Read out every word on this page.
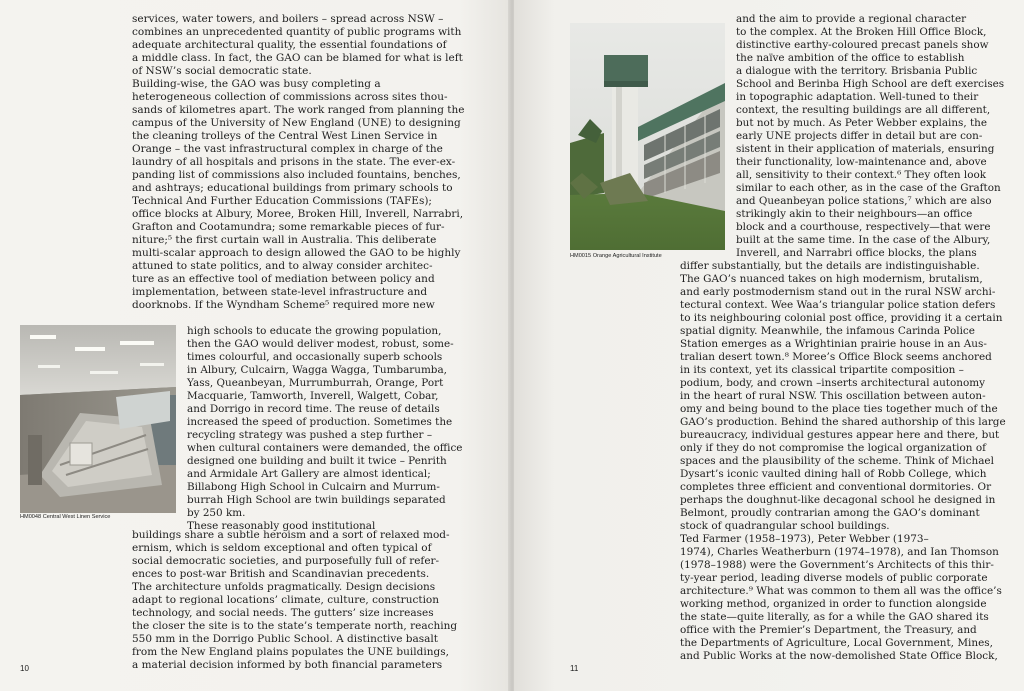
services, water towers, and boilers – spread across NSW –
combines an unprecedented quantity of public programs with
adequate architectural quality, the essential foundations of
a middle class. In fact, the GAO can be blamed for what is left
of NSW’s social democratic state.
Building-wise, the GAO was busy completing a
heterogeneous collection of commissions across sites thou-
sands of kilometres apart. The work ranged from planning the
campus of the University of New England (UNE) to designing
the cleaning trolleys of the Central West Linen Service in
Orange – the vast infrastructural complex in charge of the
laundry of all hospitals and prisons in the state. The ever-ex-
panding list of commissions also included fountains, benches,
and ashtrays; educational buildings from primary schools to
Technical And Further Education Commissions (TAFEs);
office blocks at Albury, Moree, Broken Hill, Inverell, Narrabri,
Grafton and Cootamundra; some remarkable pieces of fur-
niture;⁵ the first curtain wall in Australia. This deliberate
multi-scalar approach to design allowed the GAO to be highly
attuned to state politics, and to alway consider architec-
ture as an effective tool of mediation between policy and
implementation, between state-level infrastructure and
doorknobs. If the Wyndham Scheme⁵ required more new
HM0048 Central West Linen Service
high schools to educate the growing population,
then the GAO would deliver modest, robust, some-
times colourful, and occasionally superb schools
in Albury, Culcairn, Wagga Wagga, Tumbarumba,
Yass, Queanbeyan, Murrumburrah, Orange, Port
Macquarie, Tamworth, Inverell, Walgett, Cobar,
and Dorrigo in record time. The reuse of details
increased the speed of production. Sometimes the
recycling strategy was pushed a step further –
when cultural containers were demanded, the office
designed one building and built it twice – Penrith
and Armidale Art Gallery are almost identical;
Billabong High School in Culcairn and Murrum-
burrah High School are twin buildings separated
by 250 km.
These reasonably good institutional
buildings share a subtle heroism and a sort of relaxed mod-
ernism, which is seldom exceptional and often typical of
social democratic societies, and purposefully full of refer-
ences to post-war British and Scandinavian precedents.
The architecture unfolds pragmatically. Design decisions
adapt to regional locations’ climate, culture, construction
technology, and social needs. The gutters’ size increases
the closer the site is to the state’s temperate north, reaching
550 mm in the Dorrigo Public School. A distinctive basalt
from the New England plains populates the UNE buildings,
a material decision informed by both financial parameters
10
HM0015 Orange Agricultural Institute
and the aim to provide a regional character
to the complex. At the Broken Hill Office Block,
distinctive earthy-coloured precast panels show
the naïve ambition of the office to establish
a dialogue with the territory. Brisbania Public
School and Berinba High School are deft exercises
in topographic adaptation. Well-tuned to their
context, the resulting buildings are all different,
but not by much. As Peter Webber explains, the
early UNE projects differ in detail but are con-
sistent in their application of materials, ensuring
their functionality, low-maintenance and, above
all, sensitivity to their context.⁶ They often look
similar to each other, as in the case of the Grafton
and Queanbeyan police stations,⁷ which are also
strikingly akin to their neighbours—an office
block and a courthouse, respectively—that were
built at the same time. In the case of the Albury,
Inverell, and Narrabri office blocks, the plans
differ substantially, but the details are indistinguishable.
The GAO’s nuanced takes on high modernism, brutalism,
and early postmodernism stand out in the rural NSW archi-
tectural context. Wee Waa’s triangular police station defers
to its neighbouring colonial post office, providing it a certain
spatial dignity. Meanwhile, the infamous Carinda Police
Station emerges as a Wrightinian prairie house in an Aus-
tralian desert town.⁸ Moree’s Office Block seems anchored
in its context, yet its classical tripartite composition –
podium, body, and crown –inserts architectural autonomy
in the heart of rural NSW. This oscillation between auton-
omy and being bound to the place ties together much of the
GAO’s production. Behind the shared authorship of this large
bureaucracy, individual gestures appear here and there, but
only if they do not compromise the logical organization of
spaces and the plausibility of the scheme. Think of Michael
Dysart’s iconic vaulted dining hall of Robb College, which
completes three efficient and conventional dormitories. Or
perhaps the doughnut-like decagonal school he designed in
Belmont, proudly contrarian among the GAO’s dominant
stock of quadrangular school buildings.
Ted Farmer (1958–1973), Peter Webber (1973–
1974), Charles Weatherburn (1974–1978), and Ian Thomson
(1978–1988) were the Government’s Architects of this thir-
ty-year period, leading diverse models of public corporate
architecture.⁹ What was common to them all was the office’s
working method, organized in order to function alongside
the state—quite literally, as for a while the GAO shared its
office with the Premier’s Department, the Treasury, and
the Departments of Agriculture, Local Government, Mines,
and Public Works at the now-demolished State Office Block,
11
